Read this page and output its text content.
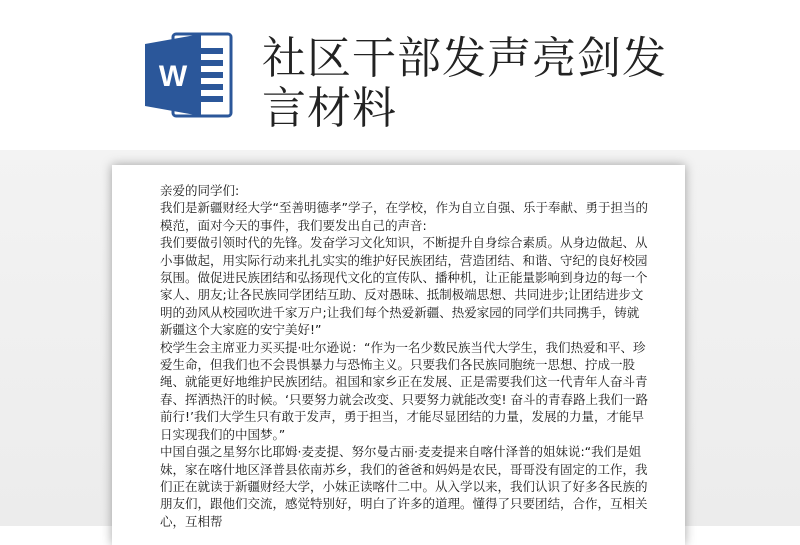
W 社区干部发声亮剑发言材料

亲爱的同学们:

我们是新疆财经大学“至善明德孝”学子，在学校，作为自立自强、乐于奉献、勇于担当的模范，面对今天的事件，我们要发出自己的声音:

我们要做引领时代的先锋。发奋学习文化知识，不断提升自身综合素质。从身边做起、从小事做起，用实际行动来扎扎实实的维护好民族团结，营造团结、和谐、守纪的良好校园氛围。做促进民族团结和弘扬现代文化的宣传队、播种机，让正能量影响到身边的每一个家人、朋友;让各民族同学团结互助、反对愚昧、抵制极端思想、共同进步;让团结进步文明的劲风从校园吹进千家万户;让我们每个热爱新疆、热爱家园的同学们共同携手，铸就新疆这个大家庭的安宁美好!”

校学生会主席亚力买买提·吐尔逊说：“作为一名少数民族当代大学生，我们热爱和平、珍爱生命，但我们也不会畏惧暴力与恐怖主义。只要我们各民族同胞统一思想、拧成一股绳、就能更好地维护民族团结。祖国和家乡正在发展、正是需要我们这一代青年人奋斗青春、挥洒热汗的时候。‘只要努力就会改变、只要努力就能改变! 奋斗的青春路上我们一路前行!’我们大学生只有敢于发声，勇于担当，才能尽显团结的力量，发展的力量，才能早日实现我们的中国梦。”

中国自强之星努尔比耶姆·麦麦提、努尔曼古丽·麦麦提来自喀什泽普的姐妹说:“我们是姐妹，家在喀什地区泽普县依南苏乡，我们的爸爸和妈妈是农民，哥哥没有固定的工作，我们正在就读于新疆财经大学，小妹正读喀什二中。从入学以来，我们认识了好多各民族的朋友们，跟他们交流，感觉特别好，明白了许多的道理。懂得了只要团结，合作，互相关心，互相帮
